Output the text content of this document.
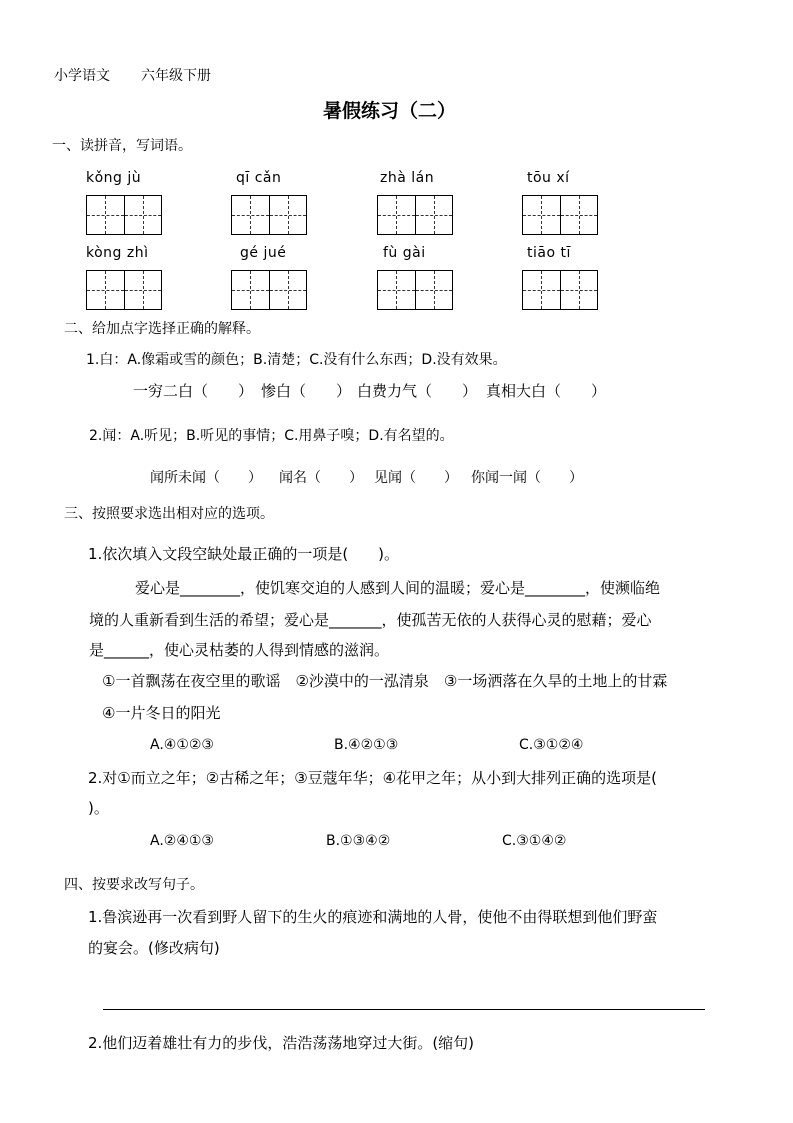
小学语文 六年级下册
暑假练习（二）
一、读拼音，写词语。
kǒng jù	qī cǎn	zhà lán	tōu xí
kòng zhì	gé jué	fù gài	tiāo tī
二、给加点字选择正确的解释。
1.白：A.像霜或雪的颜色；B.清楚；C.没有什么东西；D.没有效果。
一穷二白（　　） 惨白（　　） 白费力气（　　） 真相大白（　　）
2.闻：A.听见；B.听见的事情；C.用鼻子嗅；D.有名望的。
闻所未闻（　　） 闻名（　　） 见闻（　　） 你闻一闻（　　）
三、按照要求选出相对应的选项。
1.依次填入文段空缺处最正确的一项是(　　)。
爱心是________，使饥寒交迫的人感到人间的温暖；爱心是________，使濒临绝
境的人重新看到生活的希望；爱心是_______，使孤苦无依的人获得心灵的慰藉；爱心
是______，使心灵枯萎的人得到情感的滋润。
①一首飘荡在夜空里的歌谣　②沙漠中的一泓清泉　③一场洒落在久旱的土地上的甘霖
④一片冬日的阳光
A.④①②③	B.④②①③	C.③①②④
2.对①而立之年；②古稀之年；③豆蔻年华；④花甲之年；从小到大排列正确的选项是(
)。
A.②④①③	B.①③④②	C.③①④②
四、按要求改写句子。
1.鲁滨逊再一次看到野人留下的生火的痕迹和满地的人骨，使他不由得联想到他们野蛮
的宴会。(修改病句)
2.他们迈着雄壮有力的步伐，浩浩荡荡地穿过大街。(缩句)
